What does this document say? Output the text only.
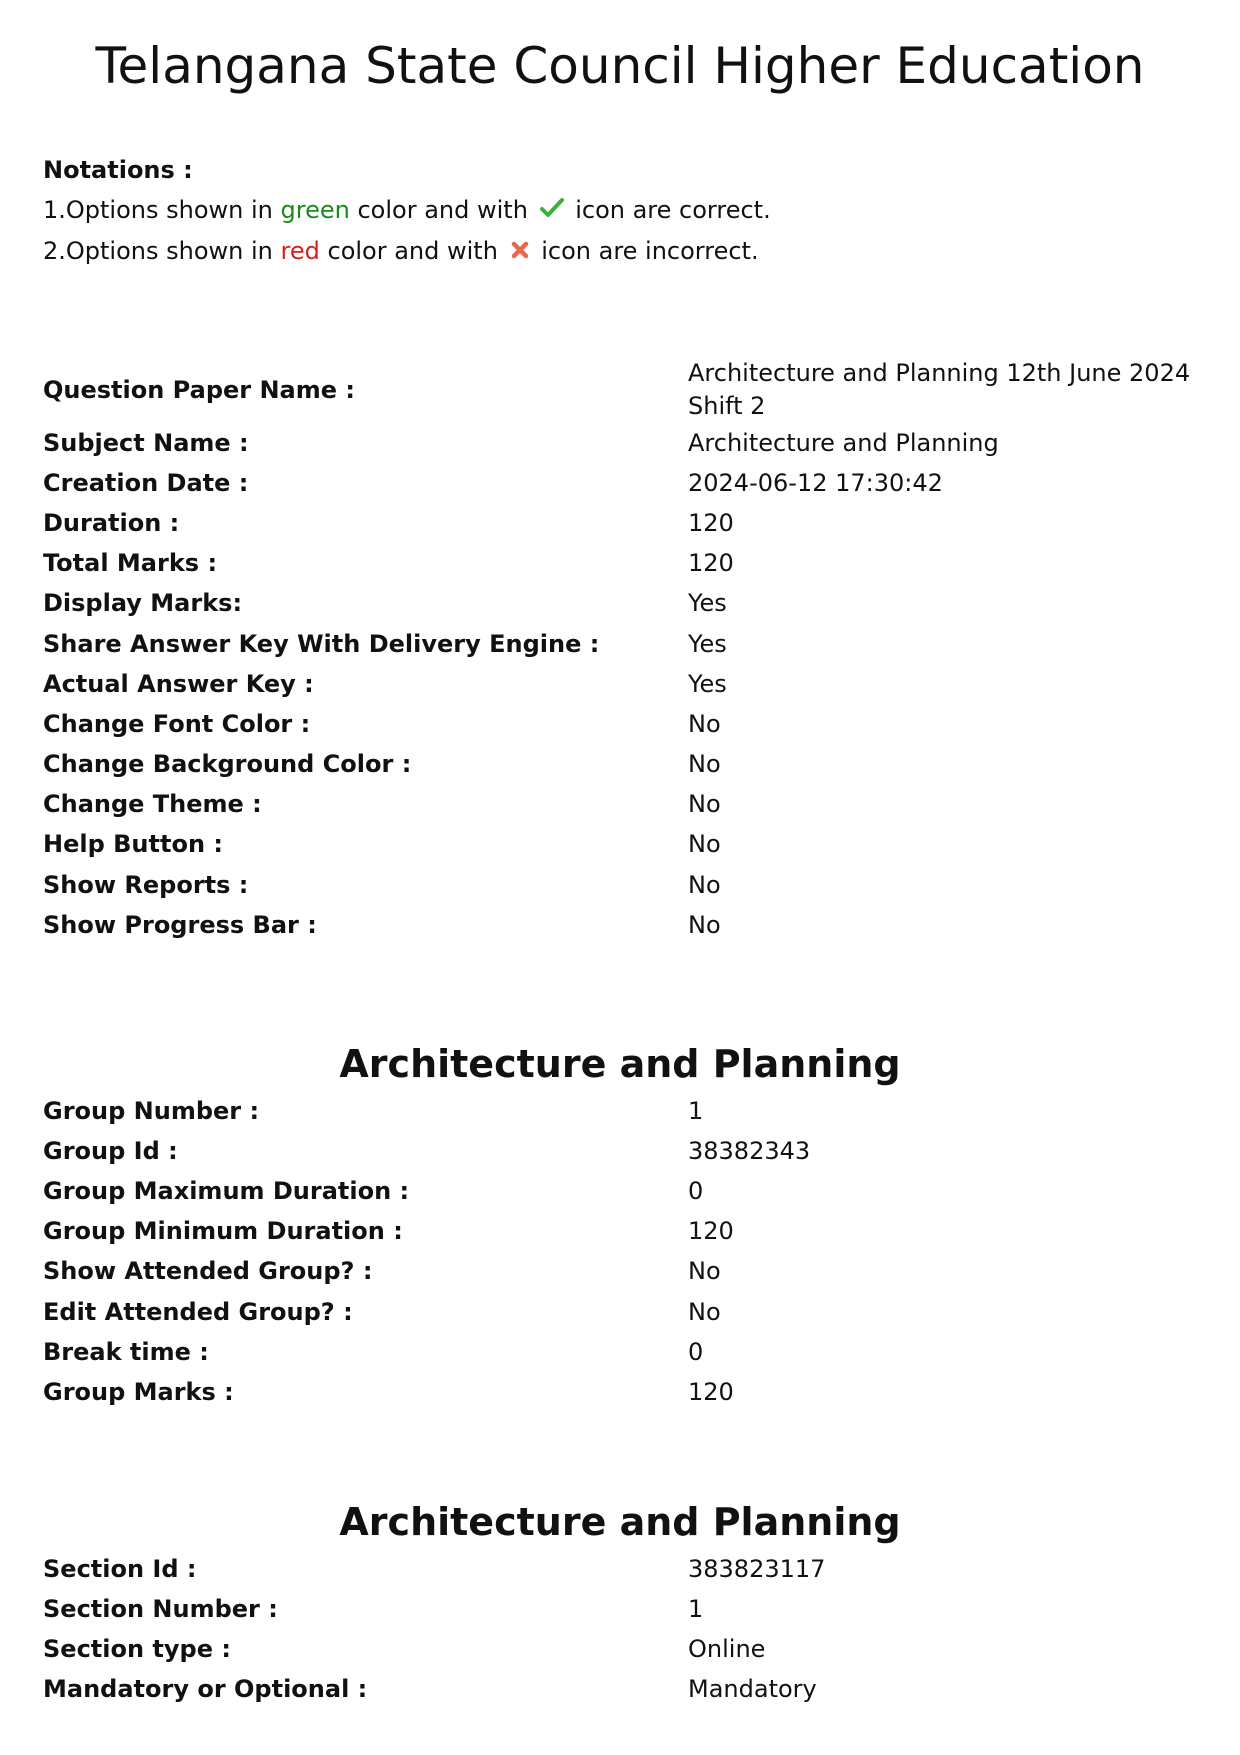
Telangana State Council Higher Education
Notations :
1.Options shown in green color and with icon are correct.
2.Options shown in red color and with icon are incorrect.
Question Paper Name :
Architecture and Planning 12th June 2024
Shift 2
Subject Name :	Architecture and Planning
Creation Date :	2024-06-12 17:30:42
Duration :	120
Total Marks :	120
Display Marks:	Yes
Share Answer Key With Delivery Engine :	Yes
Actual Answer Key :	Yes
Change Font Color :	No
Change Background Color :	No
Change Theme :	No
Help Button :	No
Show Reports :	No
Show Progress Bar :	No
Architecture and Planning
Group Number :	1
Group Id :	38382343
Group Maximum Duration :	0
Group Minimum Duration :	120
Show Attended Group? :	No
Edit Attended Group? :	No
Break time :	0
Group Marks :	120
Architecture and Planning
Section Id :	383823117
Section Number :	1
Section type :	Online
Mandatory or Optional :	Mandatory
